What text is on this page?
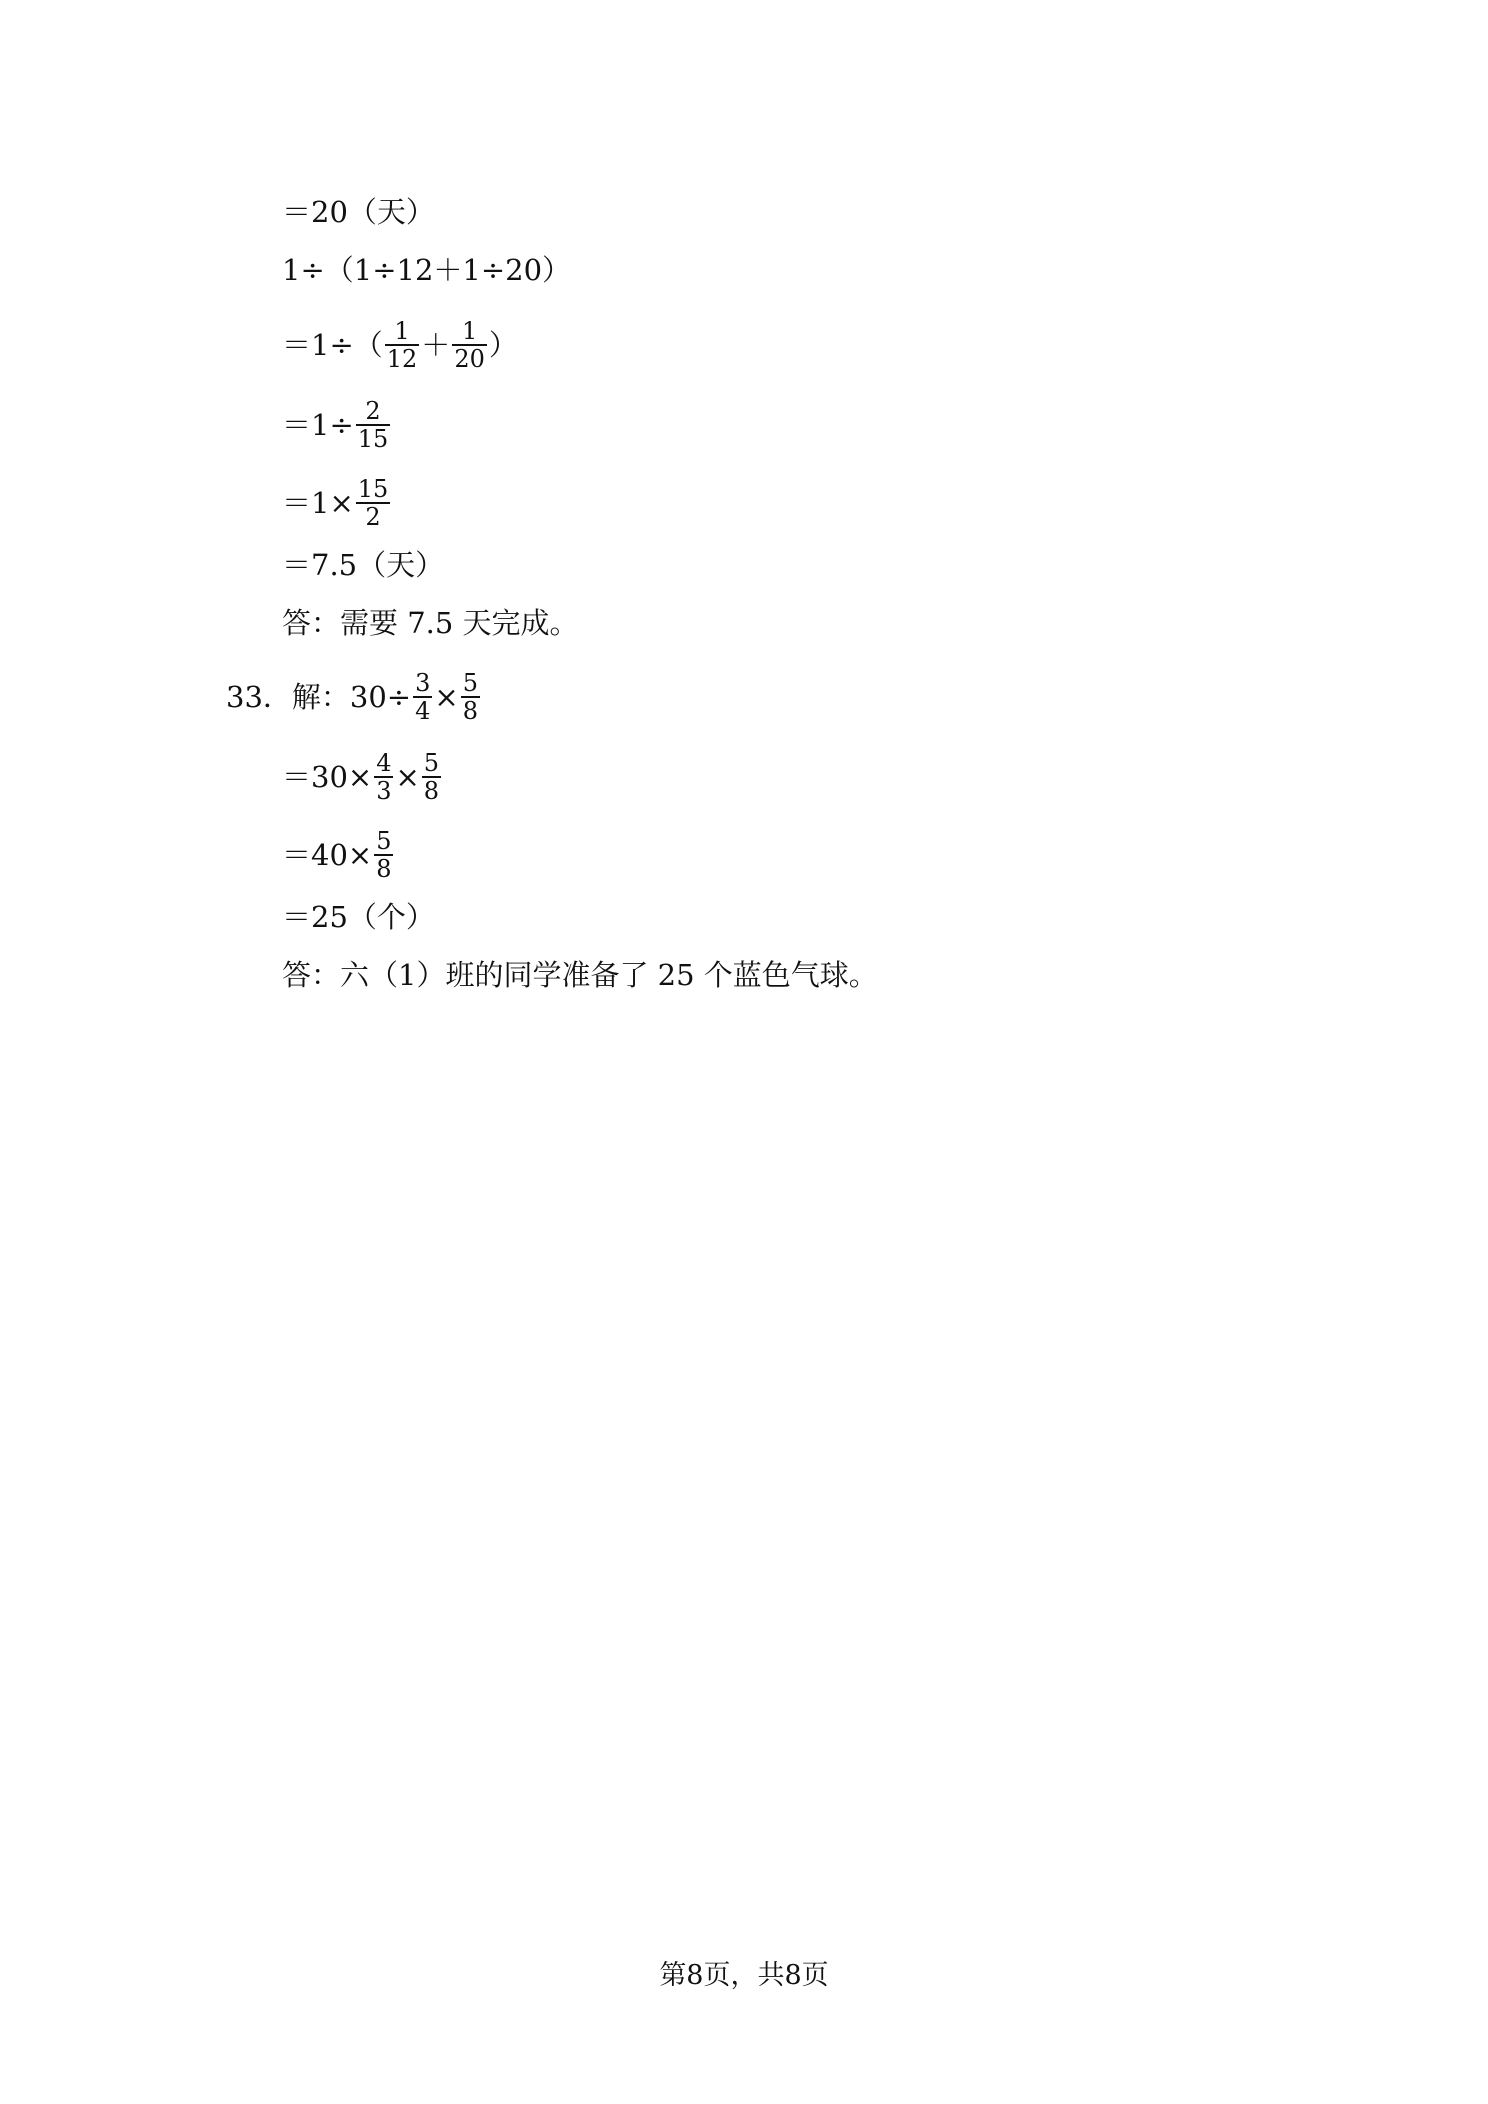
＝20（天）
1÷（1÷12＋1÷20）
$=1\div( \frac{1}{12} + \frac{1}{20}$ ）
$=1\div \frac{2}{15}$
$=1\times \frac{15}{2}$
＝7.5（天）
答：需要 7.5 天完成。
33．解： $30\div \frac{3}{4} \times \frac{5}{8}$
$=30\times \frac{4}{3} \times \frac{5}{8}$
$=40\times \frac{5}{8}$
＝25（个）
答：六（1）班的同学准备了 25 个蓝色气球。
第8页，共8页
